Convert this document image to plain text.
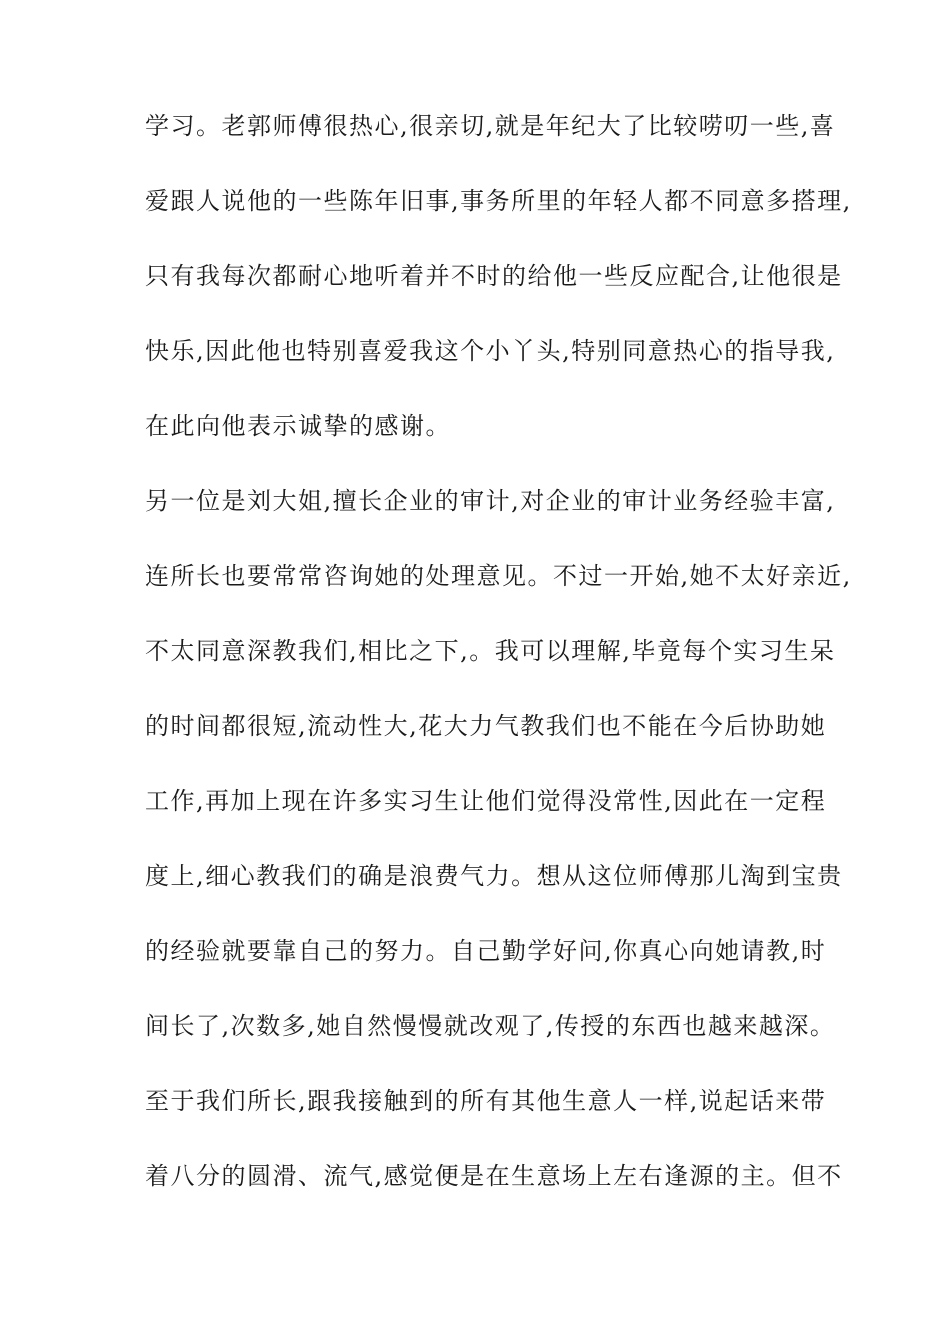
学习。老郭师傅很热心,很亲切,就是年纪大了比较唠叨一些,喜
爱跟人说他的一些陈年旧事,事务所里的年轻人都不同意多搭理,
只有我每次都耐心地听着并不时的给他一些反应配合,让他很是
快乐,因此他也特别喜爱我这个小丫头,特别同意热心的指导我,
在此向他表示诚挚的感谢。
另一位是刘大姐,擅长企业的审计,对企业的审计业务经验丰富,
连所长也要常常咨询她的处理意见。不过一开始,她不太好亲近,
不太同意深教我们,相比之下,。我可以理解,毕竟每个实习生呆
的时间都很短,流动性大,花大力气教我们也不能在今后协助她
工作,再加上现在许多实习生让他们觉得没常性,因此在一定程
度上,细心教我们的确是浪费气力。想从这位师傅那儿淘到宝贵
的经验就要靠自己的努力。自己勤学好问,你真心向她请教,时
间长了,次数多,她自然慢慢就改观了,传授的东西也越来越深。
至于我们所长,跟我接触到的所有其他生意人一样,说起话来带
着八分的圆滑、流气,感觉便是在生意场上左右逢源的主。但不
